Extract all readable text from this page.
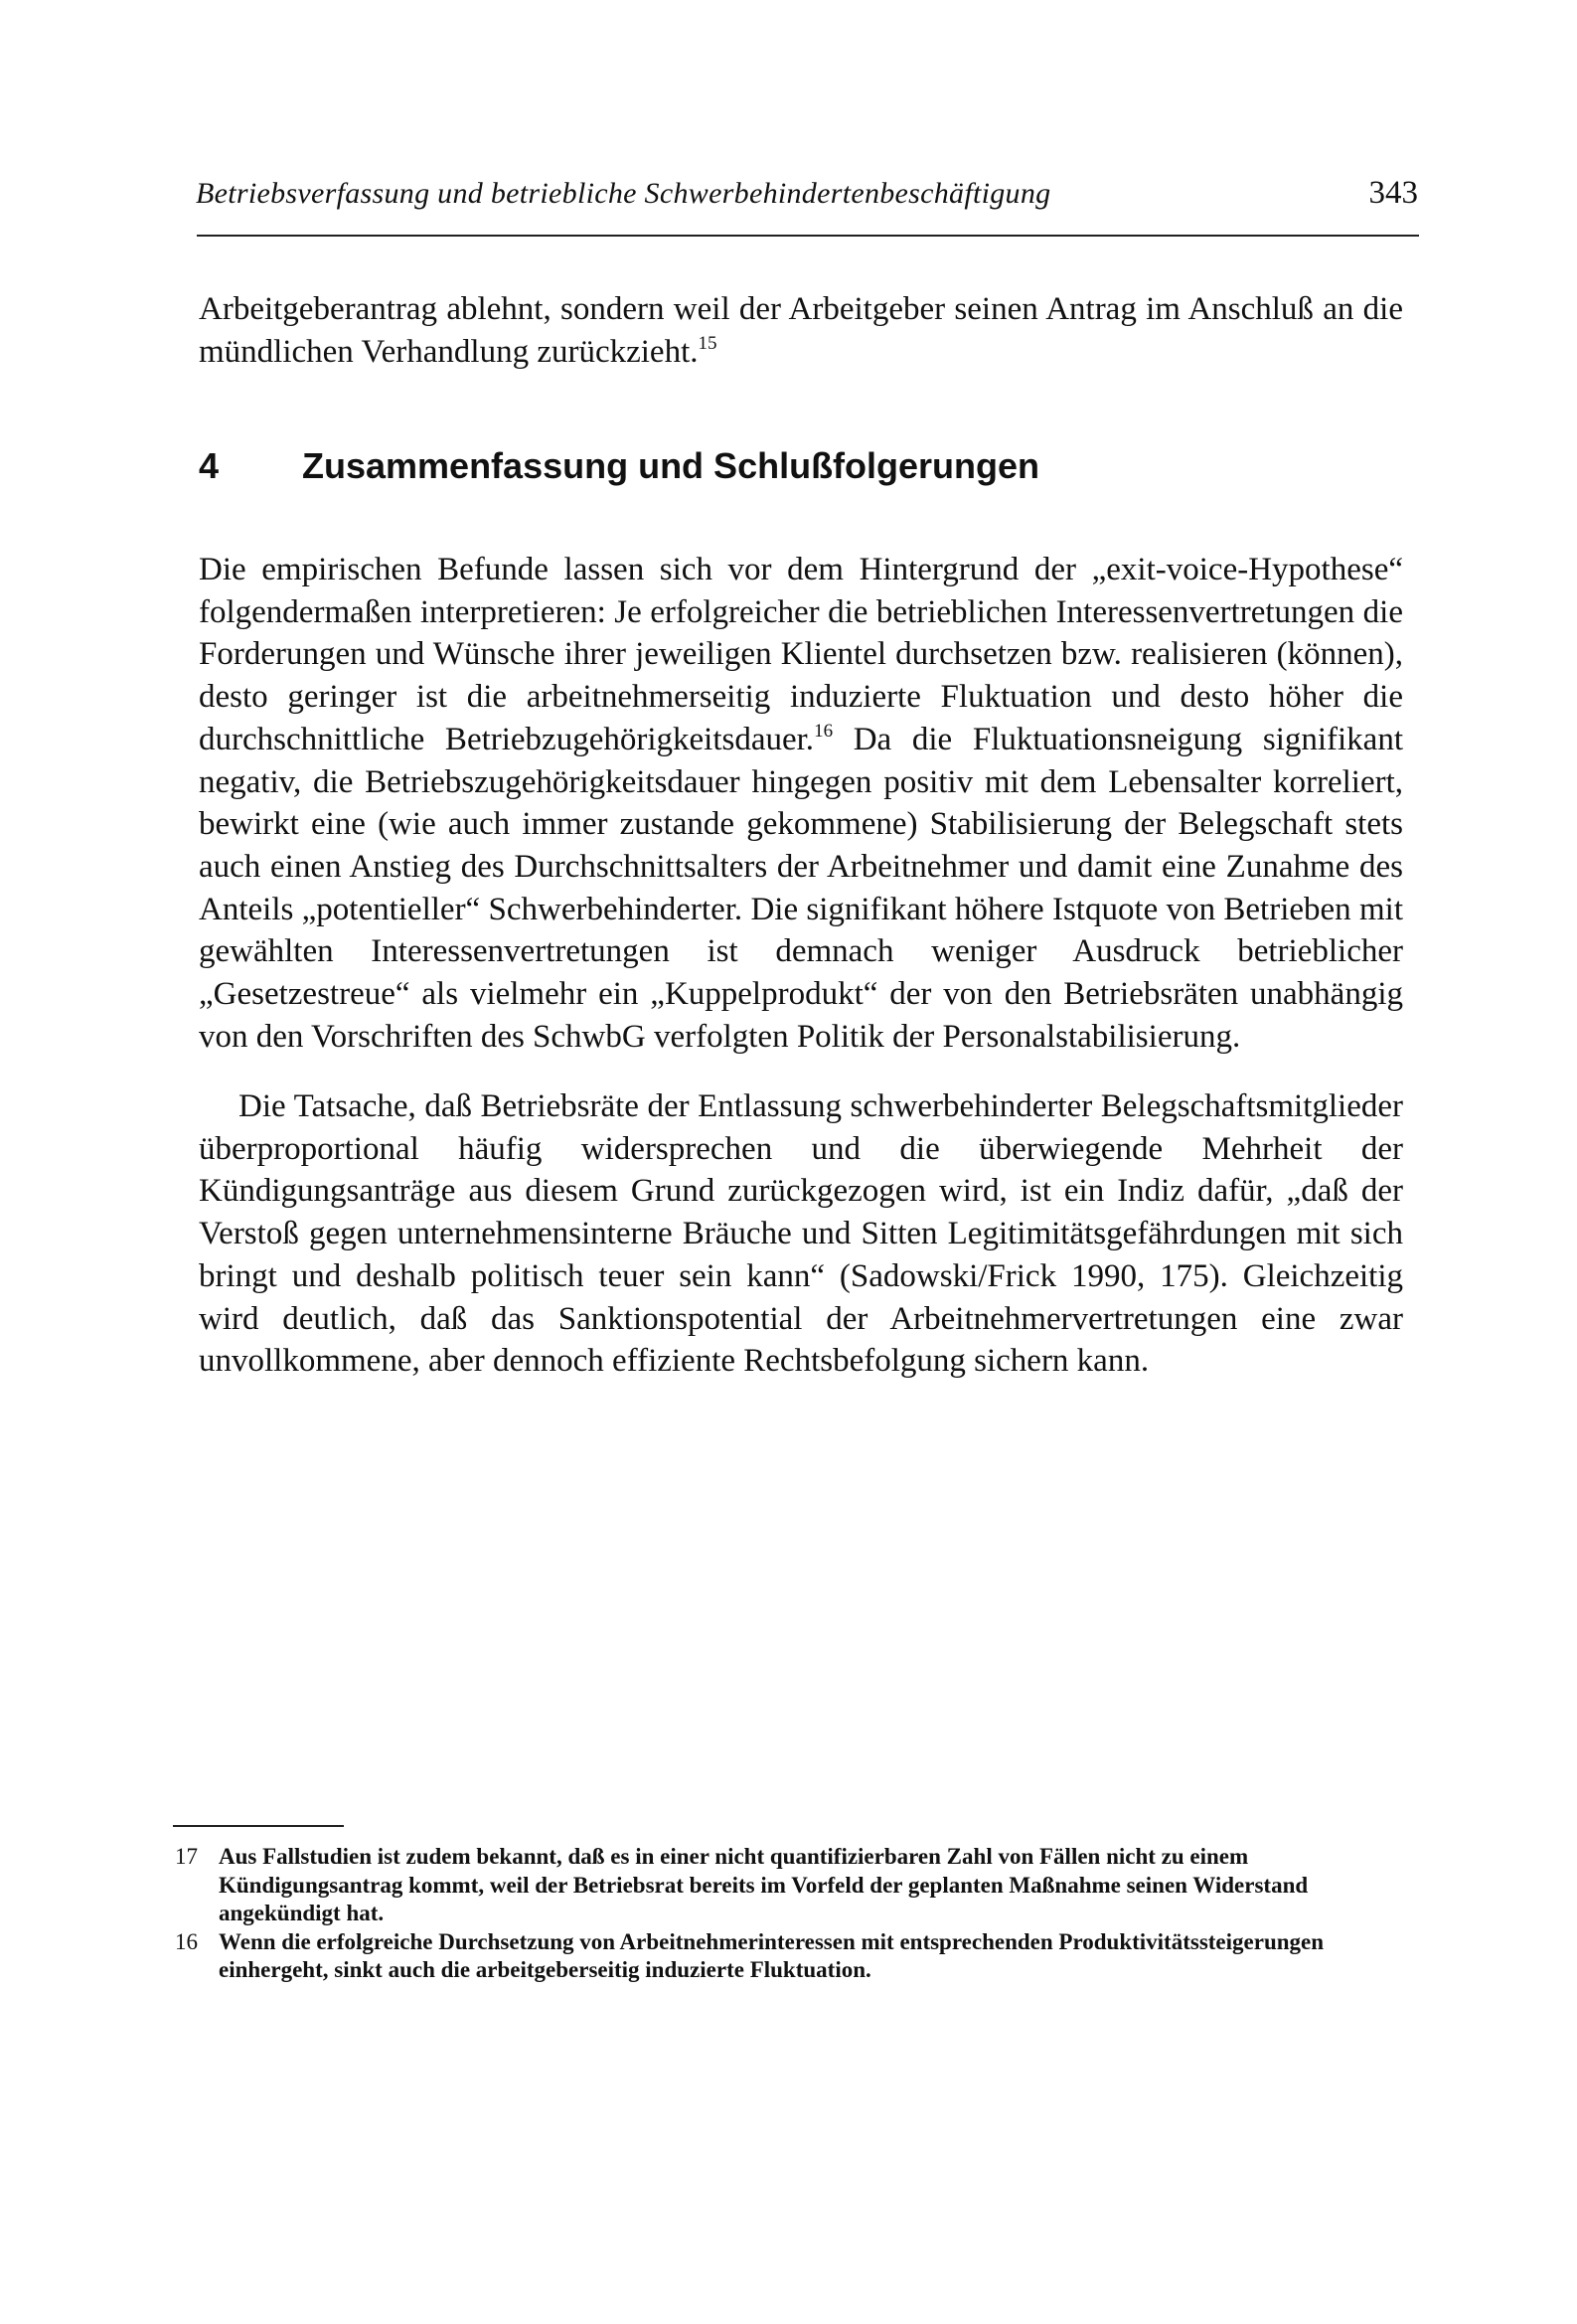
Betriebsverfassung und betriebliche Schwerbehindertenbeschäftigung	343

Arbeitgeberantrag ablehnt, sondern weil der Arbeitgeber seinen Antrag im Anschluß an die mündlichen Verhandlung zurückzieht.$^{15}$

4 Zusammenfassung und Schlußfolgerungen

Die empirischen Befunde lassen sich vor dem Hintergrund der „exit-voice-Hypothese“ folgendermaßen interpretieren: Je erfolgreicher die betrieblichen Interessenvertretungen die Forderungen und Wünsche ihrer jeweiligen Klientel durchsetzen bzw. realisieren (können), desto geringer ist die arbeitnehmerseitig induzierte Fluktuation und desto höher die durchschnittliche Betriebzugehörigkeitsdauer.$^{16}$ Da die Fluktuationsneigung signifikant negativ, die Betriebszugehörigkeitsdauer hingegen positiv mit dem Lebensalter korreliert, bewirkt eine (wie auch immer zustande gekommene) Stabilisierung der Belegschaft stets auch einen Anstieg des Durchschnittsalters der Arbeitnehmer und damit eine Zunahme des Anteils „potentieller“ Schwerbehinderter. Die signifikant höhere Istquote von Betrieben mit gewählten Interessenvertretungen ist demnach weniger Ausdruck betrieblicher „Gesetzestreue“ als vielmehr ein „Kuppelprodukt“ der von den Betriebsräten unabhängig von den Vorschriften des SchwbG verfolgten Politik der Personalstabilisierung.

Die Tatsache, daß Betriebsräte der Entlassung schwerbehinderter Belegschaftsmitglieder überproportional häufig widersprechen und die überwiegende Mehrheit der Kündigungsanträge aus diesem Grund zurückgezogen wird, ist ein Indiz dafür, „daß der Verstoß gegen unternehmensinterne Bräuche und Sitten Legitimitätsgefährdungen mit sich bringt und deshalb politisch teuer sein kann“ (Sadowski/Frick 1990, 175). Gleichzeitig wird deutlich, daß das Sanktionspotential der Arbeitnehmervertretungen eine zwar unvollkommene, aber dennoch effiziente Rechtsbefolgung sichern kann.

17 Aus Fallstudien ist zudem bekannt, daß es in einer nicht quantifizierbaren Zahl von Fällen nicht zu einem Kündigungsantrag kommt, weil der Betriebsrat bereits im Vorfeld der geplanten Maßnahme seinen Widerstand angekündigt hat.
16 Wenn die erfolgreiche Durchsetzung von Arbeitnehmerinteressen mit entsprechenden Produktivitätssteigerungen einhergeht, sinkt auch die arbeitgeberseitig induzierte Fluktuation.
